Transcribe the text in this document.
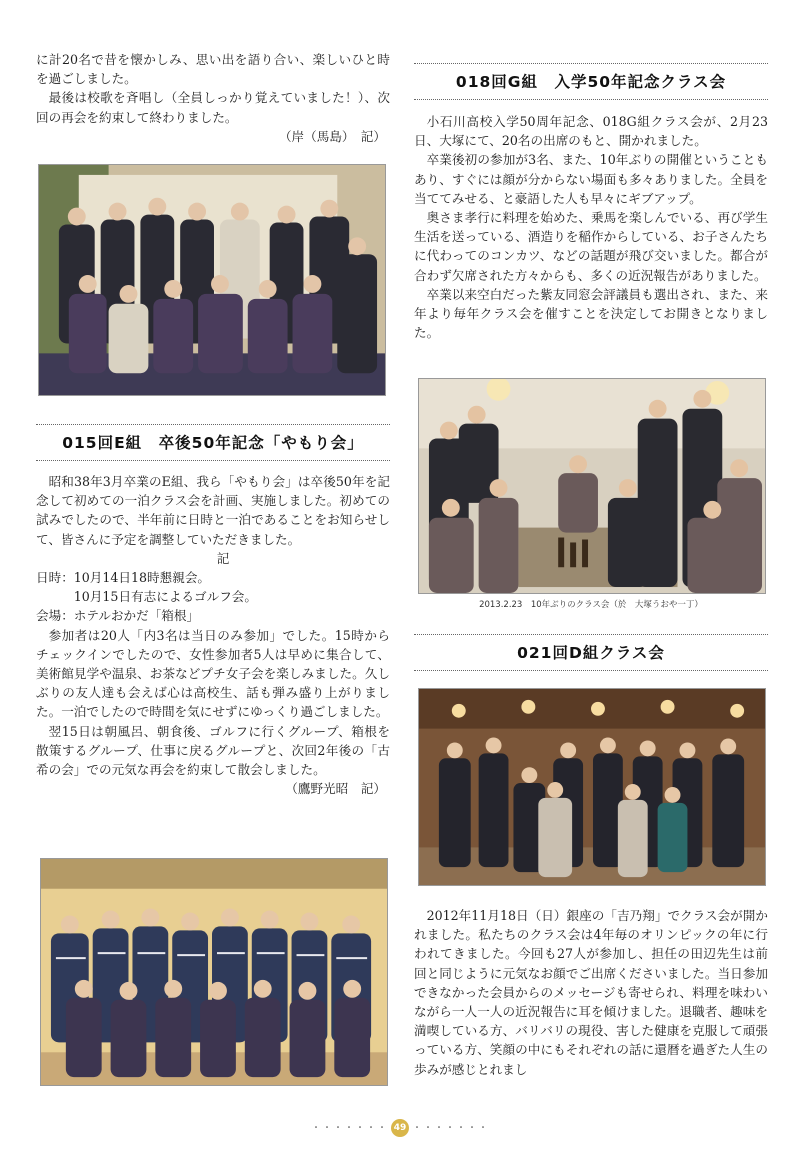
に計20名で昔を懐かしみ、思い出を語り合い、楽しいひと時を過ごしました。

最後は校歌を斉唱し（全員しっかり覚えていました！）、次回の再会を約束して終わりました。

（岸（馬島）　記）

015回E組　卒後50年記念「やもり会」

昭和38年3月卒業のE組、我ら「やもり会」は卒後50年を記念して初めての一泊クラス会を計画、実施しました。初めての試みでしたので、半年前に日時と一泊であることをお知らせして、皆さんに予定を調整していただきました。

記

日時：10月14日18時懇親会。

10月15日有志によるゴルフ会。

会場：ホテルおかだ「箱根」

参加者は20人「内3名は当日のみ参加」でした。15時からチェックインでしたので、女性参加者5人は早めに集合して、美術館見学や温泉、お茶などプチ女子会を楽しみました。久しぶりの友人達も会えば心は高校生、話も弾み盛り上がりました。一泊でしたので時間を気にせずにゆっくり過ごしました。

翌15日は朝風呂、朝食後、ゴルフに行くグループ、箱根を散策するグループ、仕事に戻るグループと、次回2年後の「古希の会」での元気な再会を約束して散会しました。

（鷹野光昭　記）

018回G組　入学50年記念クラス会

小石川高校入学50周年記念、018G組クラス会が、2月23日、大塚にて、20名の出席のもと、開かれました。

卒業後初の参加が3名、また、10年ぶりの開催ということもあり、すぐには顔が分からない場面も多々ありました。全員を当ててみせる、と豪語した人も早々にギブアップ。

奥さま孝行に料理を始めた、乗馬を楽しんでいる、再び学生生活を送っている、酒造りを稲作からしている、お子さんたちに代わってのコンカツ、などの話題が飛び交いました。都合が合わず欠席された方々からも、多くの近況報告がありました。

卒業以来空白だった紫友同窓会評議員も選出され、また、来年より毎年クラス会を催すことを決定してお開きとなりました。

2013.2.23　10年ぶりのクラス会（於　大塚うおや一丁）
021回D組クラス会

2012年11月18日（日）銀座の「吉乃翔」でクラス会が開かれました。私たちのクラス会は4年毎のオリンピックの年に行われてきました。今回も27人が参加し、担任の田辺先生は前回と同じように元気なお顔でご出席くださいました。当日参加できなかった会員からのメッセージも寄せられ、料理を味わいながら一人一人の近況報告に耳を傾けました。退職者、趣味を満喫している方、バリバリの現役、害した健康を克服して頑張っている方、笑顔の中にもそれぞれの話に還暦を過ぎた人生の歩みが感じとれまし

・・・・・・・ 49 ・・・・・・・
